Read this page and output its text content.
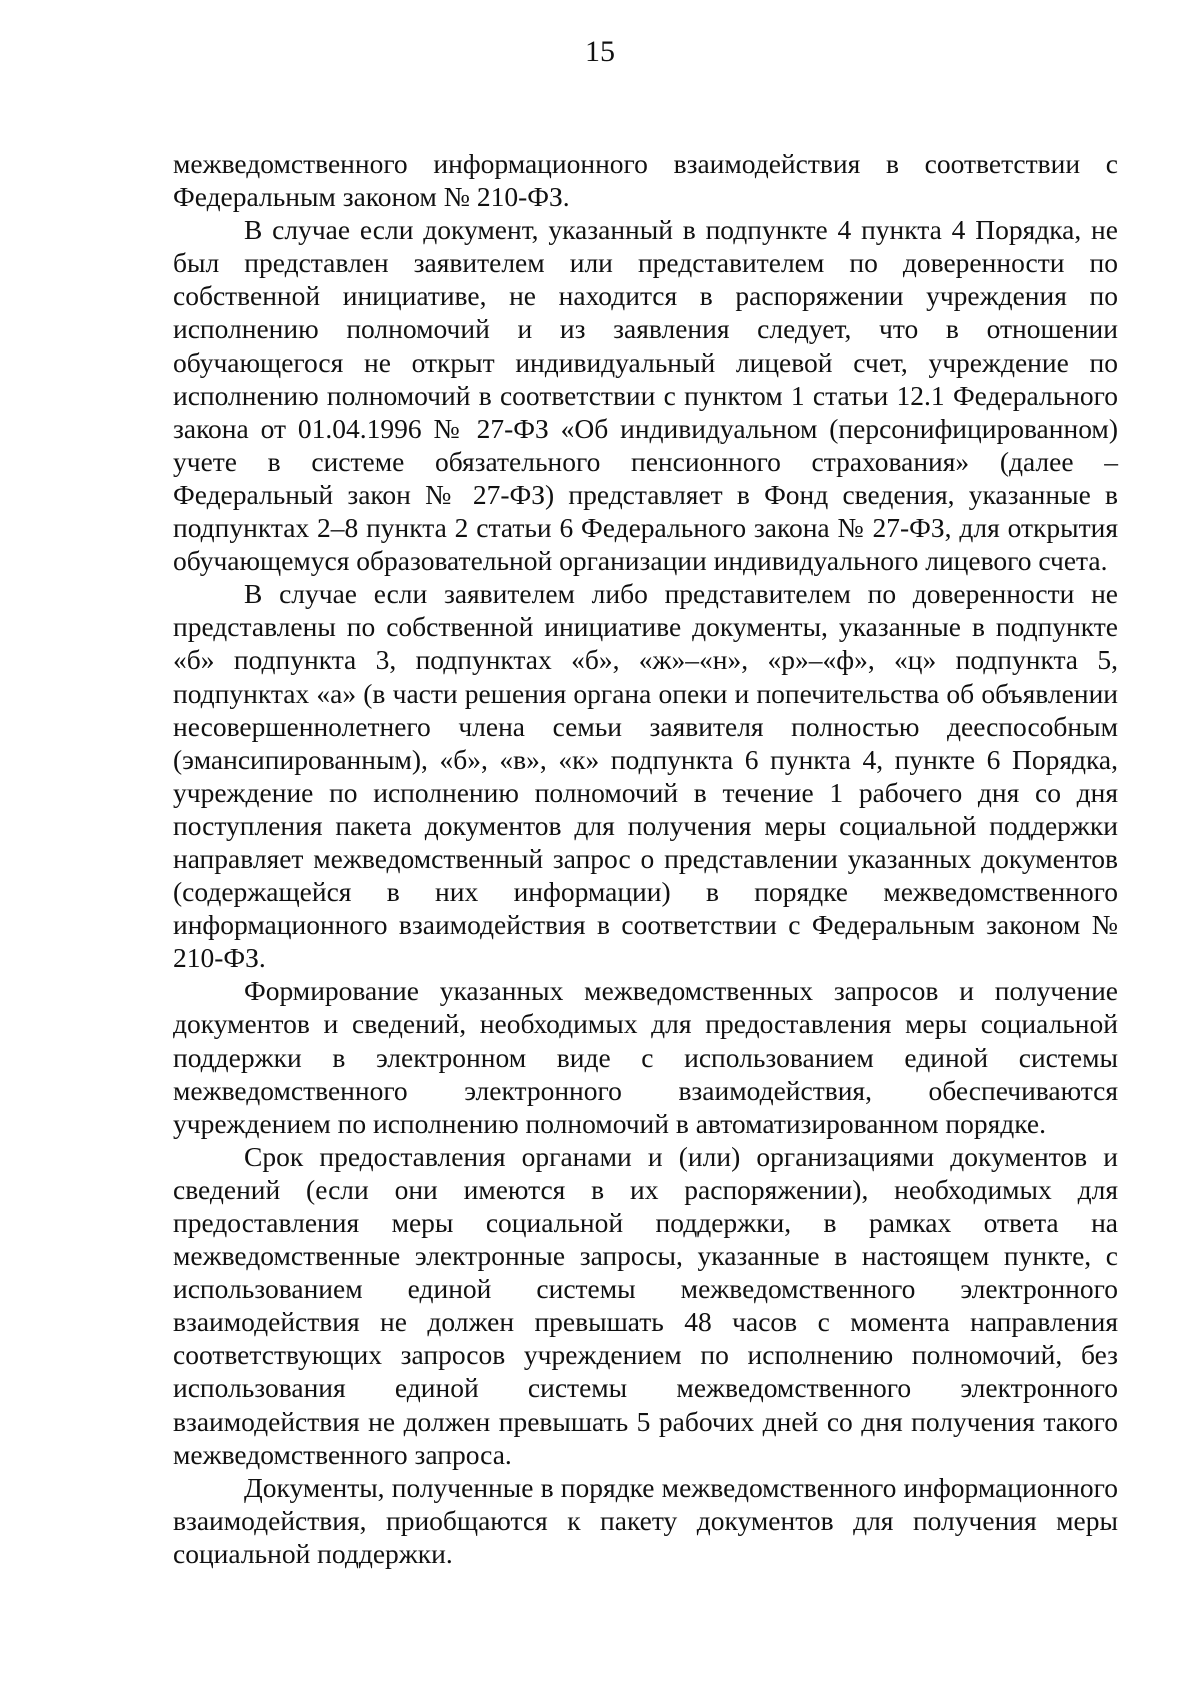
15

межведомственного информационного взаимодействия в соответствии с Федеральным законом № 210-ФЗ.

В случае если документ, указанный в подпункте 4 пункта 4 Порядка, не был представлен заявителем или представителем по доверенности по собственной инициативе, не находится в распоряжении учреждения по исполнению полномочий и из заявления следует, что в отношении обучающегося не открыт индивидуальный лицевой счет, учреждение по исполнению полномочий в соответствии с пунктом 1 статьи 12.1 Федерального закона от 01.04.1996 № 27-ФЗ «Об индивидуальном (персонифицированном) учете в системе обязательного пенсионного страхования» (далее – Федеральный закон № 27-ФЗ) представляет в Фонд сведения, указанные в подпунктах 2–8 пункта 2 статьи 6 Федерального закона № 27-ФЗ, для открытия обучающемуся образовательной организации индивидуального лицевого счета.

В случае если заявителем либо представителем по доверенности не представлены по собственной инициативе документы, указанные в подпункте «б» подпункта 3, подпунктах «б», «ж»–«н», «р»–«ф», «ц» подпункта 5, подпунктах «а» (в части решения органа опеки и попечительства об объявлении несовершеннолетнего члена семьи заявителя полностью дееспособным (эмансипированным), «б», «в», «к» подпункта 6 пункта 4, пункте 6 Порядка, учреждение по исполнению полномочий в течение 1 рабочего дня со дня поступления пакета документов для получения меры социальной поддержки направляет межведомственный запрос о представлении указанных документов (содержащейся в них информации) в порядке межведомственного информационного взаимодействия в соответствии с Федеральным законом № 210-ФЗ.

Формирование указанных межведомственных запросов и получение документов и сведений, необходимых для предоставления меры социальной поддержки в электронном виде с использованием единой системы межведомственного электронного взаимодействия, обеспечиваются учреждением по исполнению полномочий в автоматизированном порядке.

Срок предоставления органами и (или) организациями документов и сведений (если они имеются в их распоряжении), необходимых для предоставления меры социальной поддержки, в рамках ответа на межведомственные электронные запросы, указанные в настоящем пункте, с использованием единой системы межведомственного электронного взаимодействия не должен превышать 48 часов с момента направления соответствующих запросов учреждением по исполнению полномочий, без использования единой системы межведомственного электронного взаимодействия не должен превышать 5 рабочих дней со дня получения такого межведомственного запроса.

Документы, полученные в порядке межведомственного информационного взаимодействия, приобщаются к пакету документов для получения меры социальной поддержки.
